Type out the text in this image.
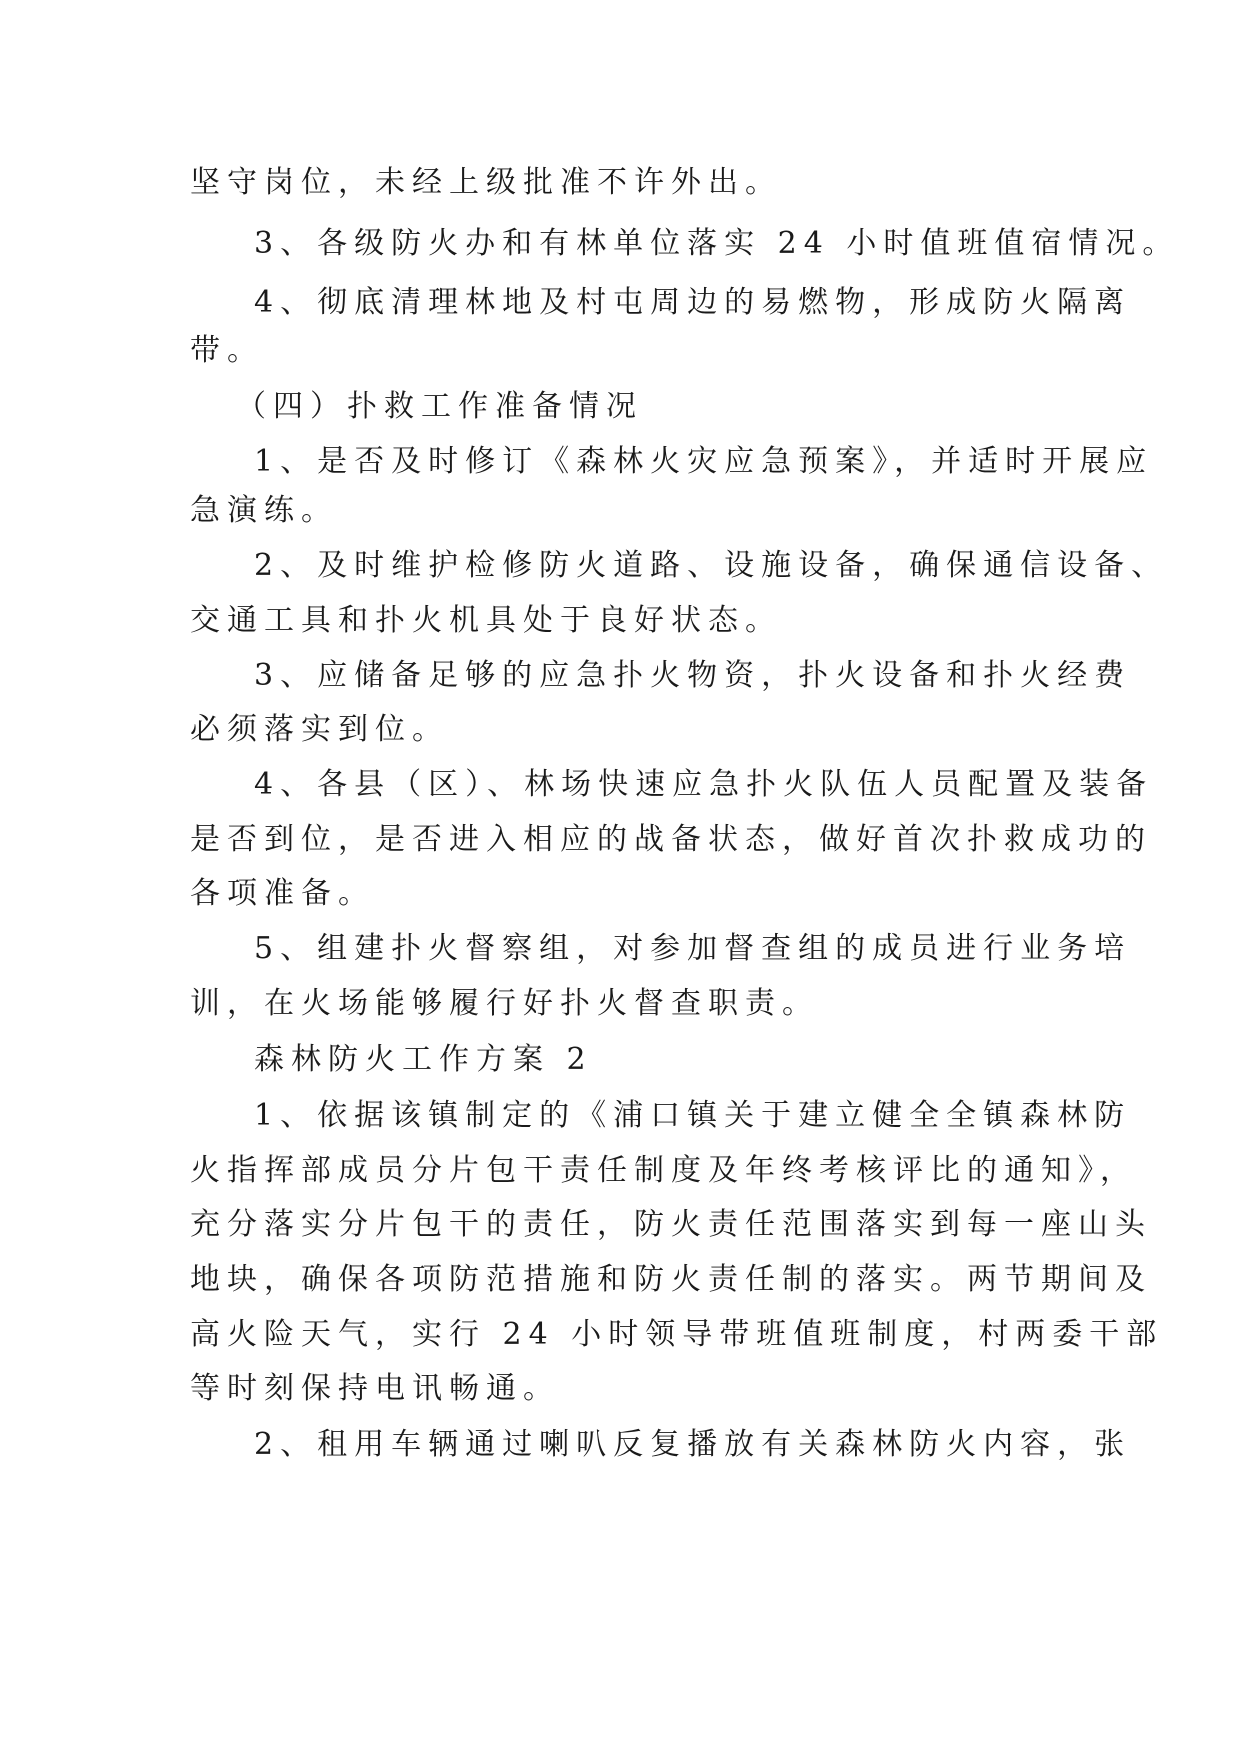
坚守岗位，未经上级批准不许外出。
3、各级防火办和有林单位落实 24 小时值班值宿情况。
4、彻底清理林地及村屯周边的易燃物，形成防火隔离
带。
（四）扑救工作准备情况
1、是否及时修订《森林火灾应急预案》，并适时开展应
急演练。
2、及时维护检修防火道路、设施设备，确保通信设备、
交通工具和扑火机具处于良好状态。
3、应储备足够的应急扑火物资，扑火设备和扑火经费
必须落实到位。
4、各县（区）、林场快速应急扑火队伍人员配置及装备
是否到位，是否进入相应的战备状态，做好首次扑救成功的
各项准备。
5、组建扑火督察组，对参加督查组的成员进行业务培
训，在火场能够履行好扑火督查职责。
森林防火工作方案 2
1、依据该镇制定的《浦口镇关于建立健全全镇森林防
火指挥部成员分片包干责任制度及年终考核评比的通知》，
充分落实分片包干的责任，防火责任范围落实到每一座山头
地块，确保各项防范措施和防火责任制的落实。两节期间及
高火险天气，实行 24 小时领导带班值班制度，村两委干部
等时刻保持电讯畅通。
2、租用车辆通过喇叭反复播放有关森林防火内容，张
